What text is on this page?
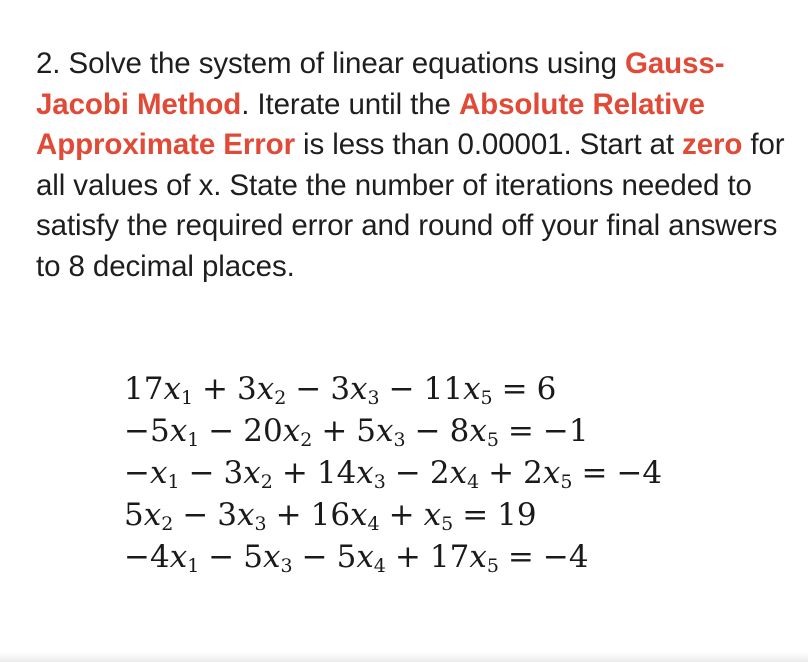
2. Solve the system of linear equations using Gauss-Jacobi Method. Iterate until the Absolute Relative Approximate Error is less than 0.00001. Start at zero for all values of x. State the number of iterations needed to satisfy the required error and round off your final answers to 8 decimal places.
$17x_1 + 3x_2 - 3x_3 - 11x_5 = 6$
$-5x_1 - 20x_2 + 5x_3 - 8x_5 = -1$
$-x_1 - 3x_2 + 14x_3 - 2x_4 + 2x_5 = -4$
$5x_2 - 3x_3 + 16x_4 + x_5 = 19$
$-4x_1 - 5x_3 - 5x_4 + 17x_5 = -4$
